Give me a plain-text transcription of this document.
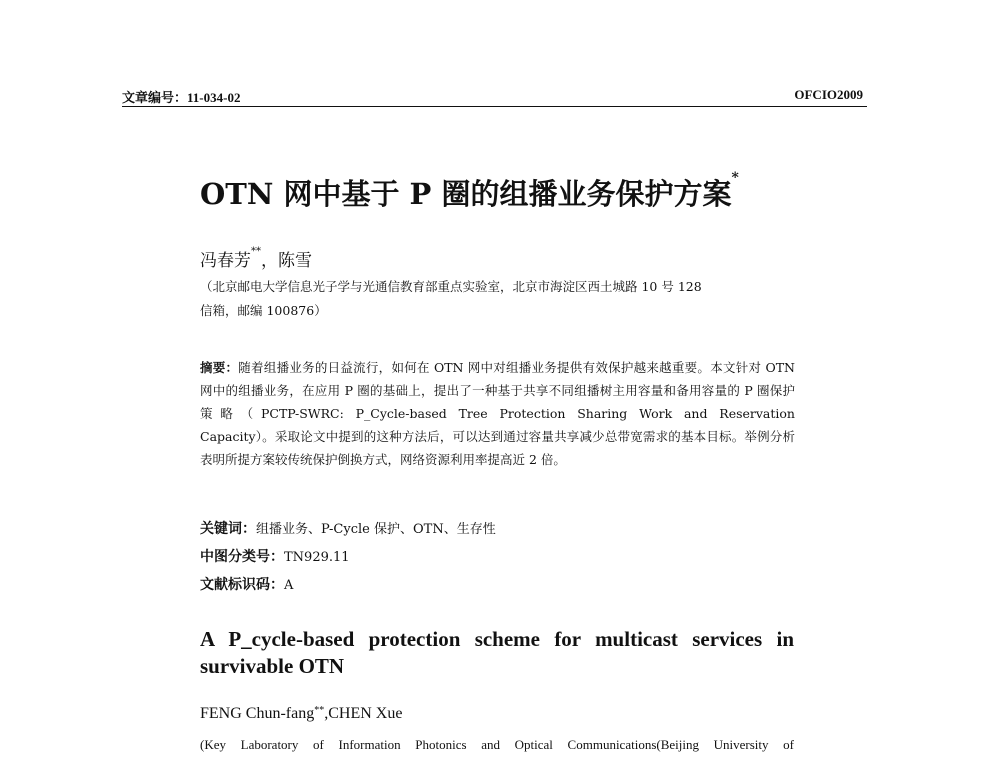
文章编号：11-034-02	OFCIO2009
OTN 网中基于 P 圈的组播业务保护方案*
冯春芳**，陈雪
（北京邮电大学信息光子学与光通信教育部重点实验室，北京市海淀区西土城路 10 号 128
信箱，邮编 100876）
摘要：随着组播业务的日益流行，如何在 OTN 网中对组播业务提供有效保护越来越重要。本文针对 OTN 网中的组播业务，在应用 P 圈的基础上，提出了一种基于共享不同组播树主用容量和备用容量的 P 圈保护策略（PCTP-SWRC: P_Cycle-based Tree Protection Sharing Work and Reservation Capacity）。采取论文中提到的这种方法后，可以达到通过容量共享减少总带宽需求的基本目标。举例分析表明所提方案较传统保护倒换方式，网络资源利用率提高近 2 倍。
关键词：组播业务、P-Cycle 保护、OTN、生存性
中图分类号：TN929.11
文献标识码：A
A P_cycle-based protection scheme for multicast services in survivable OTN
FENG Chun-fang**,CHEN Xue
(Key Laboratory of Information Photonics and Optical Communications(Beijing University of
